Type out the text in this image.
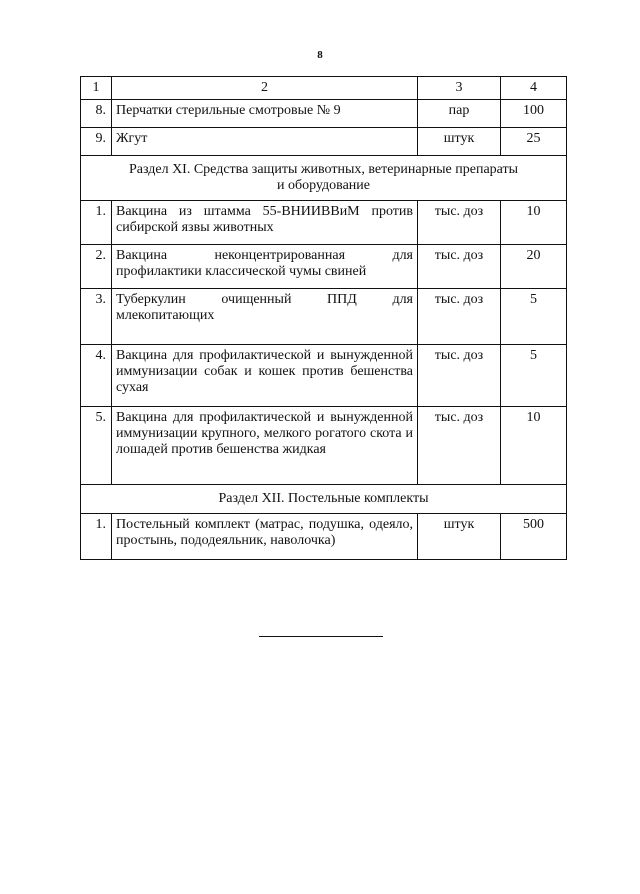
8
1	2	3	4
8.	Перчатки стерильные смотровые № 9	пар	100
9.	Жгут	штук	25
Раздел XI. Средства защиты животных, ветеринарные препараты
и оборудование			
1.	Вакцина из штамма 55-ВНИИВВиМ против сибирской язвы животных	тыс. доз	10
2.	Вакцина неконцентрированная для профилактики классической чумы свиней	тыс. доз	20
3.	Туберкулин очищенный ППД для млекопитающих	тыс. доз	5
4.	Вакцина для профилактической и вынужденной иммунизации собак и кошек против бешенства сухая	тыс. доз	5
5.	Вакцина для профилактической и вынужденной иммунизации крупного, мелкого рогатого скота и лошадей против бешенства жидкая	тыс. доз	10
Раздел XII. Постельные комплекты			
1.	Постельный комплект (матрас, подушка, одеяло, простынь, пододеяльник, наволочка)	штук	500
